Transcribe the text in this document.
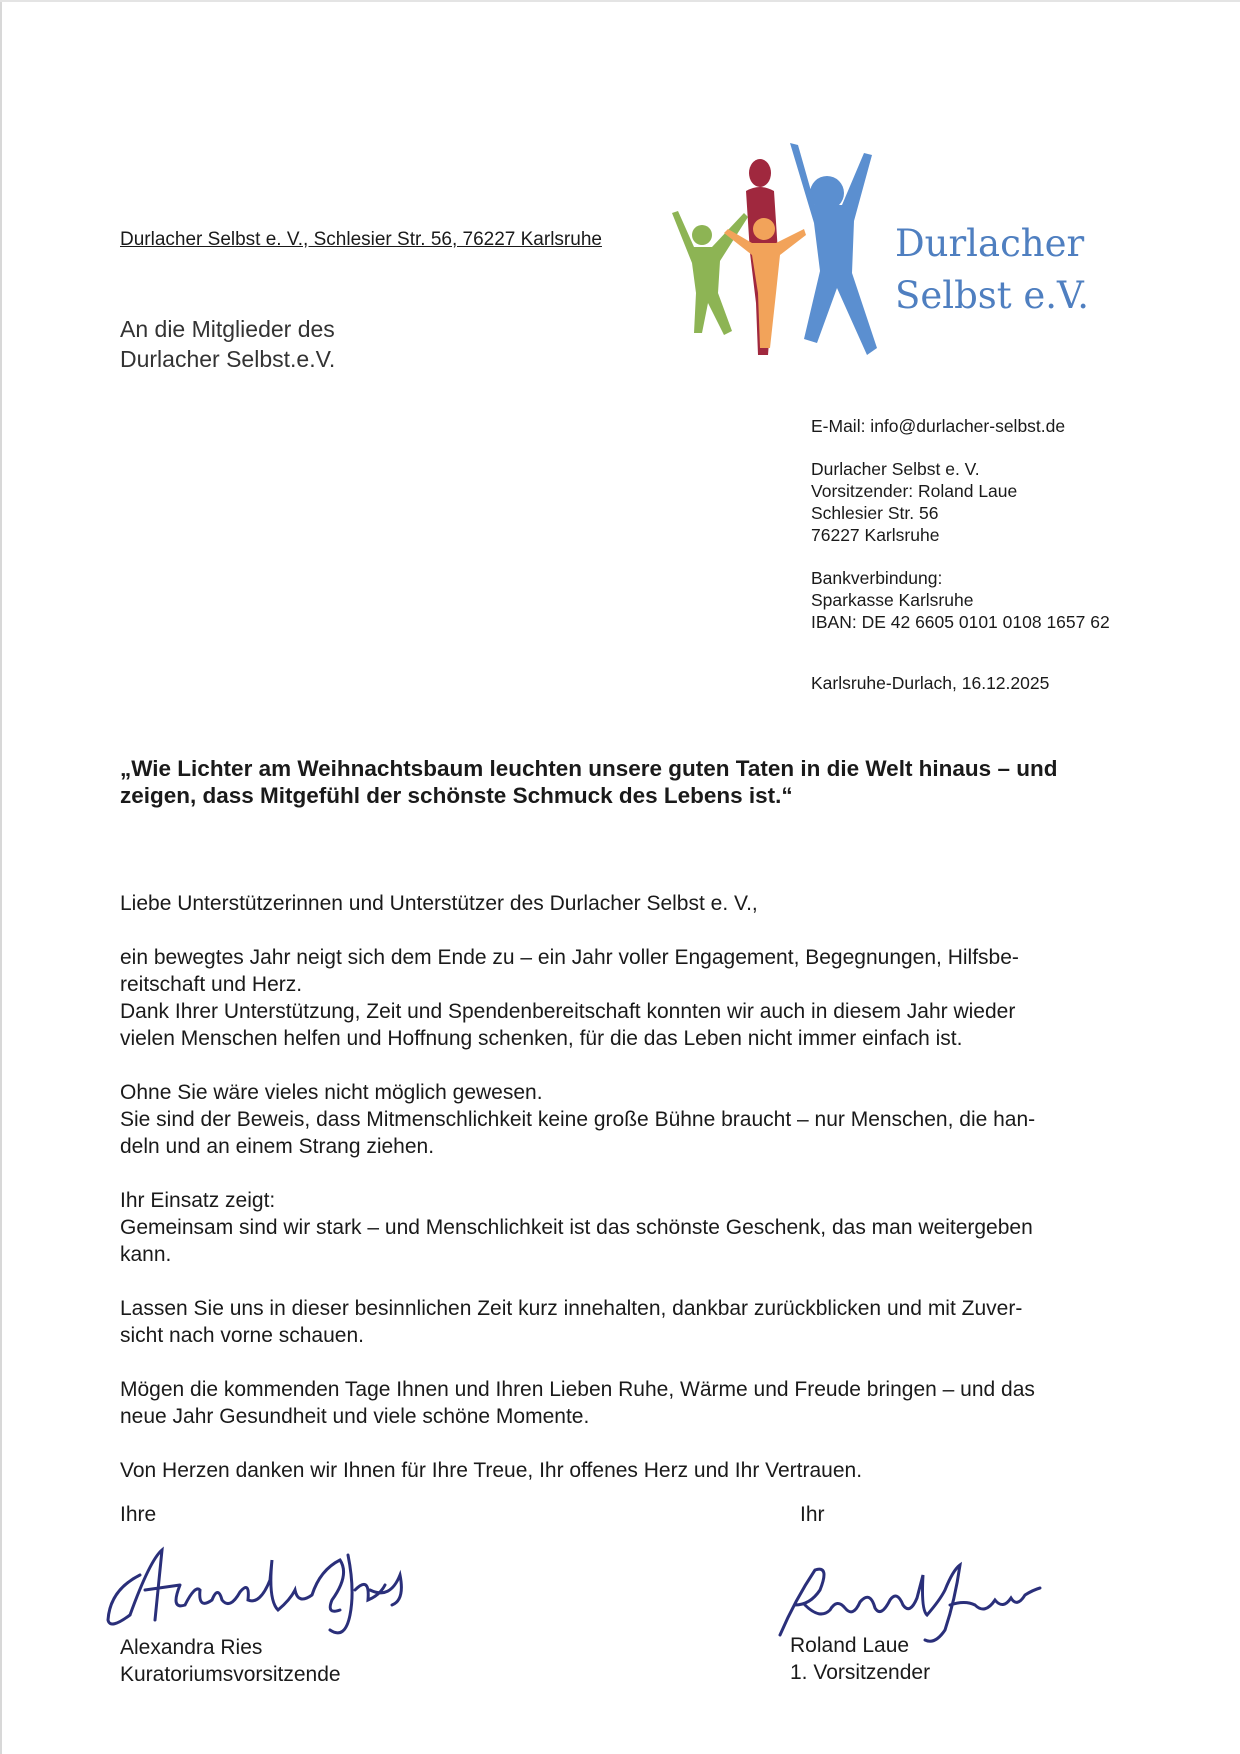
Durlacher Selbst e. V., Schlesier Str. 56, 76227 Karlsruhe
An die Mitglieder des
Durlacher Selbst.e.V.
Durlacher
Selbst e.V.
E-Mail: info@durlacher-selbst.de
Durlacher Selbst e. V.
Vorsitzender: Roland Laue
Schlesier Str. 56
76227 Karlsruhe
Bankverbindung:
Sparkasse Karlsruhe
IBAN: DE 42 6605 0101 0108 1657 62
Karlsruhe-Durlach, 16.12.2025
„Wie Lichter am Weihnachtsbaum leuchten unsere guten Taten in die Welt hinaus – und
zeigen, dass Mitgefühl der schönste Schmuck des Lebens ist.“

Liebe Unterstützerinnen und Unterstützer des Durlacher Selbst e. V.,

ein bewegtes Jahr neigt sich dem Ende zu – ein Jahr voller Engagement, Begegnungen, Hilfsbe-

reitschaft und Herz.

Dank Ihrer Unterstützung, Zeit und Spendenbereitschaft konnten wir auch in diesem Jahr wieder

vielen Menschen helfen und Hoffnung schenken, für die das Leben nicht immer einfach ist.

Ohne Sie wäre vieles nicht möglich gewesen.

Sie sind der Beweis, dass Mitmenschlichkeit keine große Bühne braucht – nur Menschen, die han-

deln und an einem Strang ziehen.

Ihr Einsatz zeigt:

Gemeinsam sind wir stark – und Menschlichkeit ist das schönste Geschenk, das man weitergeben

kann.

Lassen Sie uns in dieser besinnlichen Zeit kurz innehalten, dankbar zurückblicken und mit Zuver-

sicht nach vorne schauen.

Mögen die kommenden Tage Ihnen und Ihren Lieben Ruhe, Wärme und Freude bringen – und das

neue Jahr Gesundheit und viele schöne Momente.

Von Herzen danken wir Ihnen für Ihre Treue, Ihr offenes Herz und Ihr Vertrauen.

Ihre	Ihr
Alexandra Ries
Kuratoriumsvorsitzende
Roland Laue
1. Vorsitzender
